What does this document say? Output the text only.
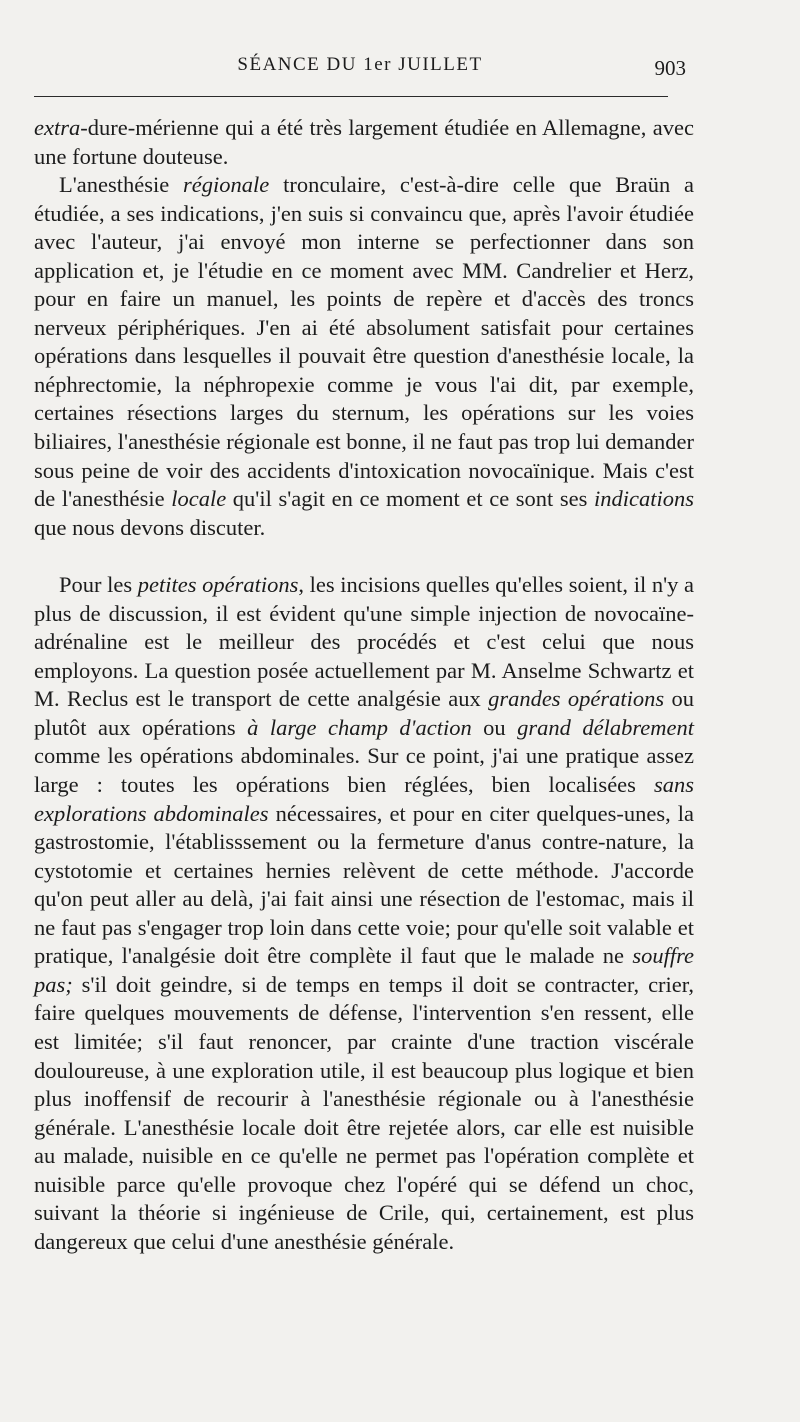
SÉANCE DU 1er JUILLET	903

extra-dure-mérienne qui a été très largement étudiée en Allemagne, avec une fortune douteuse.

L'anesthésie régionale tronculaire, c'est-à-dire celle que Braün a étudiée, a ses indications, j'en suis si convaincu que, après l'avoir étudiée avec l'auteur, j'ai envoyé mon interne se perfectionner dans son application et, je l'étudie en ce moment avec MM. Candrelier et Herz, pour en faire un manuel, les points de repère et d'accès des troncs nerveux périphériques. J'en ai été absolument satisfait pour certaines opérations dans lesquelles il pouvait être question d'anesthésie locale, la néphrectomie, la néphropexie comme je vous l'ai dit, par exemple, certaines résections larges du sternum, les opérations sur les voies biliaires, l'anesthésie régionale est bonne, il ne faut pas trop lui demander sous peine de voir des accidents d'intoxication novocaïnique. Mais c'est de l'anesthésie locale qu'il s'agit en ce moment et ce sont ses indications que nous devons discuter.

Pour les petites opérations, les incisions quelles qu'elles soient, il n'y a plus de discussion, il est évident qu'une simple injection de novocaïne-adrénaline est le meilleur des procédés et c'est celui que nous employons. La question posée actuellement par M. Anselme Schwartz et M. Reclus est le transport de cette analgésie aux grandes opérations ou plutôt aux opérations à large champ d'action ou grand délabrement comme les opérations abdominales. Sur ce point, j'ai une pratique assez large : toutes les opérations bien réglées, bien localisées sans explorations abdominales nécessaires, et pour en citer quelques-unes, la gastrostomie, l'établisssement ou la fermeture d'anus contre-nature, la cystotomie et certaines hernies relèvent de cette méthode. J'accorde qu'on peut aller au delà, j'ai fait ainsi une résection de l'estomac, mais il ne faut pas s'engager trop loin dans cette voie; pour qu'elle soit valable et pratique, l'analgésie doit être complète il faut que le malade ne souffre pas; s'il doit geindre, si de temps en temps il doit se contracter, crier, faire quelques mouvements de défense, l'intervention s'en ressent, elle est limitée; s'il faut renoncer, par crainte d'une traction viscérale douloureuse, à une exploration utile, il est beaucoup plus logique et bien plus inoffensif de recourir à l'anesthésie régionale ou à l'anesthésie générale. L'anesthésie locale doit être rejetée alors, car elle est nuisible au malade, nuisible en ce qu'elle ne permet pas l'opération complète et nuisible parce qu'elle provoque chez l'opéré qui se défend un choc, suivant la théorie si ingénieuse de Crile, qui, certainement, est plus dangereux que celui d'une anesthésie générale.
